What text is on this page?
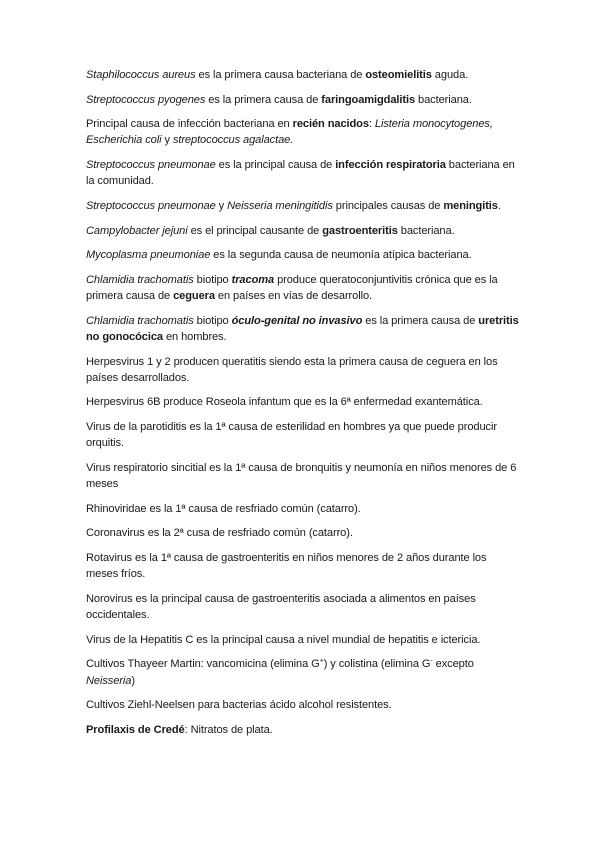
Staphilococcus aureus es la primera causa bacteriana de osteomielitis aguda.

Streptococcus pyogenes es la primera causa de faringoamigdalitis bacteriana.

Principal causa de infección bacteriana en recién nacidos: Listeria monocytogenes, Escherichia coli y streptococcus agalactae.

Streptococcus pneumonae es la principal causa de infección respiratoria bacteriana en la comunidad.

Streptococcus pneumonae y Neisseria meningitidis principales causas de meningitis.

Campylobacter jejuni es el principal causante de gastroenteritis bacteriana.

Mycoplasma pneumoniae es la segunda causa de neumonía atípica bacteriana.

Chlamidia trachomatis biotipo tracoma produce queratoconjuntivitis crónica que es la primera causa de ceguera en países en vías de desarrollo.

Chlamidia trachomatis biotipo óculo-genital no invasivo es la primera causa de uretritis no gonocócica en hombres.

Herpesvirus 1 y 2 producen queratitis siendo esta la primera causa de ceguera en los países desarrollados.

Herpesvirus 6B produce Roseola infantum que es la 6ª enfermedad exantemática.

Virus de la parotiditis es la 1ª causa de esterilidad en hombres ya que puede producir orquitis.

Virus respiratorio sincitial es la 1ª causa de bronquitis y neumonía en niños menores de 6 meses

Rhinoviridae es la 1ª causa de resfriado común (catarro).

Coronavirus es la 2ª cusa de resfriado común (catarro).

Rotavirus es la 1ª causa de gastroenteritis en niños menores de 2 años durante los meses fríos.

Norovirus es la principal causa de gastroenteritis asociada a alimentos en países occidentales.

Virus de la Hepatitis C es la principal causa a nivel mundial de hepatitis e ictericia.

Cultivos Thayeer Martin: vancomicina (elimina G+) y colistina (elimina G- excepto Neisseria)

Cultivos Ziehl-Neelsen para bacterias ácido alcohol resistentes.

Profilaxis de Credé: Nitratos de plata.
